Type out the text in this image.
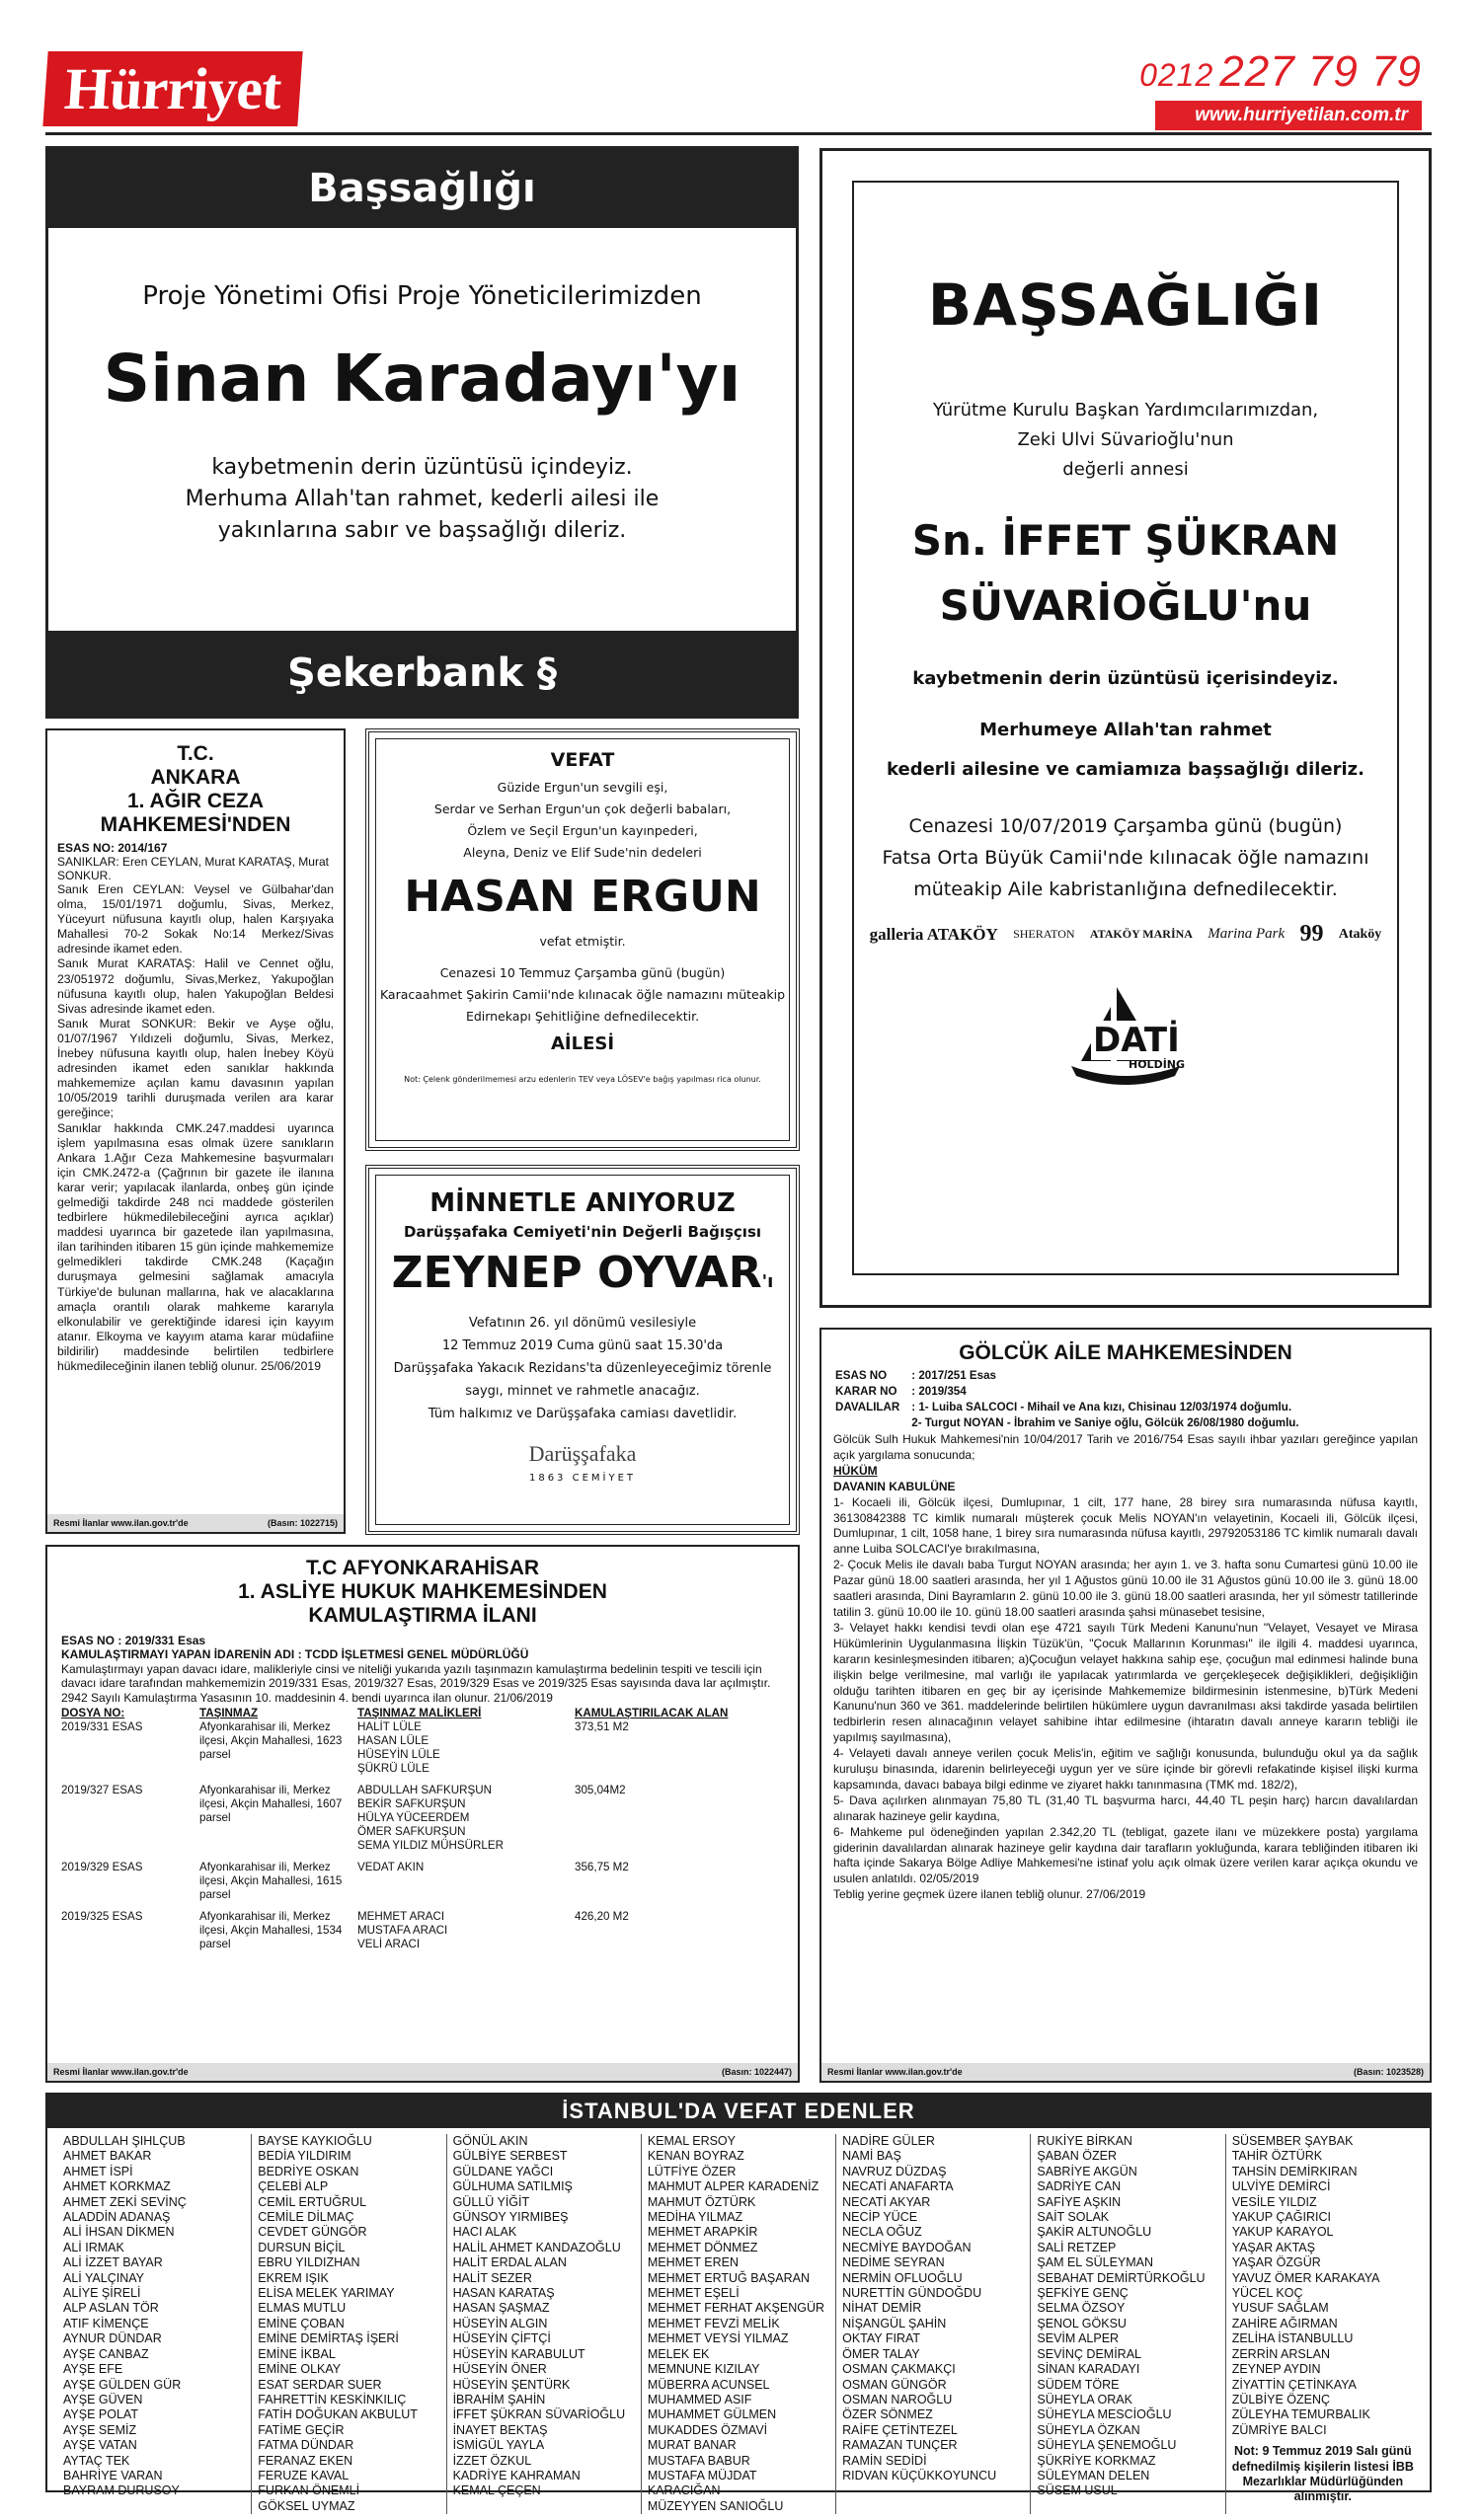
Hürriyet	0212 227 79 79
www.hurriyetilan.com.tr
Başsağlığı
Proje Yönetimi Ofisi Proje Yöneticilerimizden
Sinan Karadayı'yı
kaybetmenin derin üzüntüsü içindeyiz.
Merhuma Allah'tan rahmet, kederli ailesi ile
yakınlarına sabır ve başsağlığı dileriz.
Şekerbank §
BAŞSAĞLIĞI
Yürütme Kurulu Başkan Yardımcılarımızdan,
Zeki Ulvi Süvarioğlu'nun
değerli annesi
Sn. İFFET ŞÜKRAN
SÜVARİOĞLU'nu
kaybetmenin derin üzüntüsü içerisindeyiz.
Merhumeye Allah'tan rahmet
kederli ailesine ve camiamıza başsağlığı dileriz.
Cenazesi 10/07/2019 Çarşamba günü (bugün)
Fatsa Orta Büyük Camii'nde kılınacak öğle namazını
müteakip Aile kabristanlığına defnedilecektir.
galleria ATAKÖY SHERATON ATAKÖY MARİNA Marina Park 99 Ataköy
DATİ
HOLDİNG
T.C.
ANKARA
1. AĞIR CEZA
MAHKEMESİ'NDEN
ESAS NO: 2014/167
SANIKLAR: Eren CEYLAN, Murat KARATAŞ, Murat SONKUR.

Sanık Eren CEYLAN: Veysel ve Gülbahar'dan olma, 15/01/1971 doğumlu, Sivas, Merkez, Yüceyurt nüfusuna kayıtlı olup, halen Karşıyaka Mahallesi 70-2 Sokak No:14 Merkez/Sivas adresinde ikamet eden.

Sanık Murat KARATAŞ: Halil ve Cennet oğlu, 23/051972 doğumlu, Sivas,Merkez, Yakupoğlan nüfusuna kayıtlı olup, halen Yakupoğlan Beldesi Sivas adresinde ikamet eden.

Sanık Murat SONKUR: Bekir ve Ayşe oğlu, 01/07/1967 Yıldızeli doğumlu, Sivas, Merkez, İnebey nüfusuna kayıtlı olup, halen İnebey Köyü adresinden ikamet eden sanıklar hakkında mahkememize açılan kamu davasının yapılan 10/05/2019 tarihli duruşmada verilen ara karar gereğince;

Sanıklar hakkında CMK.247.maddesi uyarınca işlem yapılmasına esas olmak üzere sanıkların Ankara 1.Ağır Ceza Mahkemesine başvurmaları için CMK.2472-a (Çağrının bir gazete ile ilanına karar verir; yapılacak ilanlarda, onbeş gün içinde gelmediği takdirde 248 nci maddede gösterilen tedbirlere hükmedilebileceğini ayrıca açıklar) maddesi uyarınca bir gazetede ilan yapılmasına, ilan tarihinden itibaren 15 gün içinde mahkememize gelmedikleri takdirde CMK.248 (Kaçağın duruşmaya gelmesini sağlamak amacıyla Türkiye'de bulunan mallarına, hak ve alacaklarına amaçla orantılı olarak mahkeme kararıyla elkonulabilir ve gerektiğinde idaresi için kayyım atanır. Elkoyma ve kayyım atama karar müdafiine bildirilir) maddesinde belirtilen tedbirlere hükmedileceğinin ilanen tebliğ olunur. 25/06/2019

Resmi İlanlar www.ilan.gov.tr'de	(Basın: 1022715)
VEFAT
Güzide Ergun'un sevgili eşi,
Serdar ve Serhan Ergun'un çok değerli babaları,
Özlem ve Seçil Ergun'un kayınpederi,
Aleyna, Deniz ve Elif Sude'nin dedeleri
HASAN ERGUN
vefat etmiştir.
Cenazesi 10 Temmuz Çarşamba günü (bugün)
Karacaahmet Şakirin Camii'nde kılınacak öğle namazını müteakip
Edirnekapı Şehitliğine defnedilecektir.
AİLESİ
Not: Çelenk gönderilmemesi arzu edenlerin TEV veya LÖSEV'e bağış yapılması rica olunur.
MİNNETLE ANIYORUZ
Darüşşafaka Cemiyeti'nin Değerli Bağışçısı
ZEYNEP OYVAR'ı
Vefatının 26. yıl dönümü vesilesiyle
12 Temmuz 2019 Cuma günü saat 15.30'da
Darüşşafaka Yakacık Rezidans'ta düzenleyeceğimiz törenle
saygı, minnet ve rahmetle anacağız.
Tüm halkımız ve Darüşşafaka camiası davetlidir.
Darüşşafaka
1863 CEMİYET
T.C AFYONKARAHİSAR
1. ASLİYE HUKUK MAHKEMESİNDEN
KAMULAŞTIRMA İLANI
ESAS NO : 2019/331 Esas
KAMULAŞTIRMAYI YAPAN İDARENİN ADI : TCDD İŞLETMESİ GENEL MÜDÜRLÜĞÜ
Kamulaştırmayı yapan davacı idare, malikleriyle cinsi ve niteliği yukarıda yazılı taşınmazın kamulaştırma bedelinin tespiti ve tescili için davacı idare tarafından mahkememizin 2019/331 Esas, 2019/327 Esas, 2019/329 Esas ve 2019/325 Esas sayısında dava lar açılmıştır.
2942 Sayılı Kamulaştırma Yasasının 10. maddesinin 4. bendi uyarınca ilan olunur. 21/06/2019
DOSYA NO:	TAŞINMAZ	TAŞINMAZ MALİKLERİ	KAMULAŞTIRILACAK ALAN
2019/331 ESAS	Afyonkarahisar ili, Merkez ilçesi, Akçin Mahallesi, 1623 parsel	HALİT LÜLE
HASAN LÜLE
HÜSEYİN LÜLE
ŞÜKRÜ LÜLE	373,51 M2
2019/327 ESAS	Afyonkarahisar ili, Merkez ilçesi, Akçin Mahallesi, 1607 parsel	ABDULLAH SAFKURŞUN
BEKİR SAFKURŞUN
HÜLYA YÜCEERDEM
ÖMER SAFKURŞUN
SEMA YILDIZ MÜHSÜRLER	305,04M2
2019/329 ESAS	Afyonkarahisar ili, Merkez ilçesi, Akçin Mahallesi, 1615 parsel	VEDAT AKIN	356,75 M2
2019/325 ESAS	Afyonkarahisar ili, Merkez ilçesi, Akçin Mahallesi, 1534 parsel	MEHMET ARACI
MUSTAFA ARACI
VELİ ARACI	426,20 M2
Resmi İlanlar www.ilan.gov.tr'de	(Basın: 1022447)
GÖLCÜK AİLE MAHKEMESİNDEN
ESAS NO	: 2017/251 Esas
KARAR NO	: 2019/354
DAVALILAR	: 1- Luiba SALCOCI - Mihail ve Ana kızı, Chisinau 12/03/1974 doğumlu.
	2- Turgut NOYAN - İbrahim ve Saniye oğlu, Gölcük 26/08/1980 doğumlu.

Gölcük Sulh Hukuk Mahkemesi'nin 10/04/2017 Tarih ve 2016/754 Esas sayılı ihbar yazıları gereğince yapılan açık yargılama sonucunda;

HÜKÜM
DAVANIN KABULÜNE

1- Kocaeli ili, Gölcük ilçesi, Dumlupınar, 1 cilt, 177 hane, 28 birey sıra numarasında nüfusa kayıtlı, 36130842388 TC kimlik numaralı müşterek çocuk Melis NOYAN'ın velayetinin, Kocaeli ili, Gölcük ilçesi, Dumlupınar, 1 cilt, 1058 hane, 1 birey sıra numarasında nüfusa kayıtlı, 29792053186 TC kimlik numaralı davalı anne Luiba SOLCACI'ye bırakılmasına,

2- Çocuk Melis ile davalı baba Turgut NOYAN arasında; her ayın 1. ve 3. hafta sonu Cumartesi günü 10.00 ile Pazar günü 18.00 saatleri arasında, her yıl 1 Ağustos günü 10.00 ile 31 Ağustos günü 10.00 ile 3. günü 18.00 saatleri arasında, Dini Bayramların 2. günü 10.00 ile 3. günü 18.00 saatleri arasında, her yıl sömestr tatillerinde tatilin 3. günü 10.00 ile 10. günü 18.00 saatleri arasında şahsi münasebet tesisine,

3- Velayet hakkı kendisi tevdi olan eşe 4721 sayılı Türk Medeni Kanunu'nun "Velayet, Vesayet ve Mirasa Hükümlerinin Uygulanmasına İlişkin Tüzük'ün, "Çocuk Mallarının Korunması" ile ilgili 4. maddesi uyarınca, kararın kesinleşmesinden itibaren; a)Çocuğun velayet hakkına sahip eşe, çocuğun mal edinmesi halinde buna ilişkin belge verilmesine, mal varlığı ile yapılacak yatırımlarda ve gerçekleşecek değişiklikleri, değişikliğin olduğu tarihten itibaren en geç bir ay içerisinde Mahkememize bildirmesinin istenmesine, b)Türk Medeni Kanunu'nun 360 ve 361. maddelerinde belirtilen hükümlere uygun davranılması aksi takdirde yasada belirtilen tedbirlerin resen alınacağının velayet sahibine ihtar edilmesine (ihtaratın davalı anneye kararın tebliği ile yapılmış sayılmasına),

4- Velayeti davalı anneye verilen çocuk Melis'in, eğitim ve sağlığı konusunda, bulunduğu okul ya da sağlık kuruluşu binasında, idarenin belirleyeceği uygun yer ve süre içinde bir görevli refakatinde kişisel ilişki kurma kapsamında, davacı babaya bilgi edinme ve ziyaret hakkı tanınmasına (TMK md. 182/2),

5- Dava açılırken alınmayan 75,80 TL (31,40 TL başvurma harcı, 44,40 TL peşin harç) harcın davalılardan alınarak hazineye gelir kaydına,

6- Mahkeme pul ödeneğinden yapılan 2.342,20 TL (tebligat, gazete ilanı ve müzekkere posta) yargılama giderinin davalılardan alınarak hazineye gelir kaydına dair tarafların yokluğunda, karara tebliğinden itibaren iki hafta içinde Sakarya Bölge Adliye Mahkemesi'ne istinaf yolu açık olmak üzere verilen karar açıkça okundu ve usulen anlatıldı. 02/05/2019

Teblig yerine geçmek üzere ilanen tebliğ olunur. 27/06/2019

Resmi İlanlar www.ilan.gov.tr'de	(Basın: 1023528)
İSTANBUL'DA VEFAT EDENLER
ABDULLAH ŞIHLÇUB
AHMET BAKAR
AHMET İSPİ
AHMET KORKMAZ
AHMET ZEKİ SEVİNÇ
ALADDİN ADANAŞ
ALİ İHSAN DİKMEN
ALİ IRMAK
ALİ İZZET BAYAR
ALİ YALÇINAY
ALİYE ŞİRELİ
ALP ASLAN TÖR
ATIF KİMENÇE
AYNUR DÜNDAR
AYŞE CANBAZ
AYŞE EFE
AYŞE GÜLDEN GÜR
AYŞE GÜVEN
AYŞE POLAT
AYŞE SEMİZ
AYŞE VATAN
AYTAÇ TEK
BAHRİYE VARAN
BAYRAM DURUSOY
BAYSE KAYKIOĞLU
BEDİA YILDIRIM
BEDRİYE OSKAN
ÇELEBİ ALP
CEMİL ERTUĞRUL
CEMİLE DİLMAÇ
CEVDET GÜNGÖR
DURSUN BİÇİL
EBRU YILDIZHAN
EKREM IŞIK
ELİSA MELEK YARIMAY
ELMAS MUTLU
EMİNE ÇOBAN
EMİNE DEMİRTAŞ İŞERİ
EMİNE İKBAL
EMİNE OLKAY
ESAT SERDAR SUER
FAHRETTİN KESKİNKILIÇ
FATİH DOĞUKAN AKBULUT
FATİME GEÇİR
FATMA DÜNDAR
FERANAZ EKEN
FERUZE KAVAL
FURKAN ÖNEMLİ
GÖKSEL UYMAZ
GÖNÜL AKIN
GÜLBİYE SERBEST
GÜLDANE YAĞCI
GÜLHUMA SATILMIŞ
GÜLLÜ YİĞİT
GÜNSOY YIRMIBEŞ
HACI ALAK
HALİL AHMET KANDAZOĞLU
HALİT ERDAL ALAN
HALİT SEZER
HASAN KARATAŞ
HASAN ŞAŞMAZ
HÜSEYİN ALGIN
HÜSEYİN ÇİFTÇİ
HÜSEYİN KARABULUT
HÜSEYİN ÖNER
HÜSEYİN ŞENTÜRK
İBRAHİM ŞAHİN
İFFET ŞÜKRAN SÜVARİOĞLU
İNAYET BEKTAŞ
İSMİGÜL YAYLA
İZZET ÖZKUL
KADRİYE KAHRAMAN
KEMAL ÇEÇEN
KEMAL ERSOY
KENAN BOYRAZ
LÜTFİYE ÖZER
MAHMUT ALPER KARADENİZ
MAHMUT ÖZTÜRK
MEDİHA YILMAZ
MEHMET ARAPKİR
MEHMET DÖNMEZ
MEHMET EREN
MEHMET ERTUĞ BAŞARAN
MEHMET EŞELİ
MEHMET FERHAT AKŞENGÜR
MEHMET FEVZİ MELİK
MEHMET VEYSİ YILMAZ
MELEK EK
MEMNUNE KIZILAY
MÜBERRA ACUNSEL
MUHAMMED ASIF
MUHAMMET GÜLMEN
MUKADDES ÖZMAVİ
MURAT BANAR
MUSTAFA BABUR
MUSTAFA MÜJDAT KARACIĞAN
MÜZEYYEN SANIOĞLU
NADİRE GÜLER
NAMİ BAŞ
NAVRUZ DÜZDAŞ
NECATİ ANAFARTA
NECATİ AKYAR
NECİP YÜCE
NECLA OĞUZ
NECMİYE BAYDOĞAN
NEDİME SEYRAN
NERMİN OFLUOĞLU
NURETTİN GÜNDOĞDU
NİHAT DEMİR
NİŞANGÜL ŞAHİN
OKTAY FIRAT
ÖMER TALAY
OSMAN ÇAKMAKÇI
OSMAN GÜNGÖR
OSMAN NAROĞLU
ÖZER SÖNMEZ
RAİFE ÇETİNTEZEL
RAMAZAN TUNÇER
RAMİN SEDİDİ
RIDVAN KÜÇÜKKOYUNCU
RUKİYE BİRKAN
ŞABAN ÖZER
SABRİYE AKGÜN
SADRİYE CAN
SAFİYE AŞKIN
SAİT SOLAK
ŞAKİR ALTUNOĞLU
SALİ RETZEP
ŞAM EL SÜLEYMAN
SEBAHAT DEMİRTÜRKOĞLU
ŞEFKİYE GENÇ
SELMA ÖZSOY
ŞENOL GÖKSU
SEVİM ALPER
SEVİNÇ DEMİRAL
SİNAN KARADAYI
SÜDEM TÖRE
SÜHEYLA ORAK
SÜHEYLA MESCİOĞLU
SÜHEYLA ÖZKAN
SÜHEYLA ŞENEMOĞLU
ŞÜKRİYE KORKMAZ
SÜLEYMAN DELEN
SÜSEM USUL
SÜSEMBER ŞAYBAK
TAHİR ÖZTÜRK
TAHSİN DEMİRKIRAN
ULVİYE DEMİRCİ
VESİLE YILDIZ
YAKUP ÇAĞIRICI
YAKUP KARAYOL
YAŞAR AKTAŞ
YAŞAR ÖZGÜR
YAVUZ ÖMER KARAKAYA
YÜCEL KOÇ
YUSUF SAĞLAM
ZAHİRE AĞIRMAN
ZELİHA İSTANBULLU
ZERRİN ARSLAN
ZEYNEP AYDIN
ZİYATTİN ÇETİNKAYA
ZÜLBİYE ÖZENÇ
ZÜLEYHA TEMURBALIK
ZÜMRİYE BALCI
Not: 9 Temmuz 2019 Salı günü defnedilmiş kişilerin listesi İBB Mezarlıklar Müdürlüğünden alınmıştır.
